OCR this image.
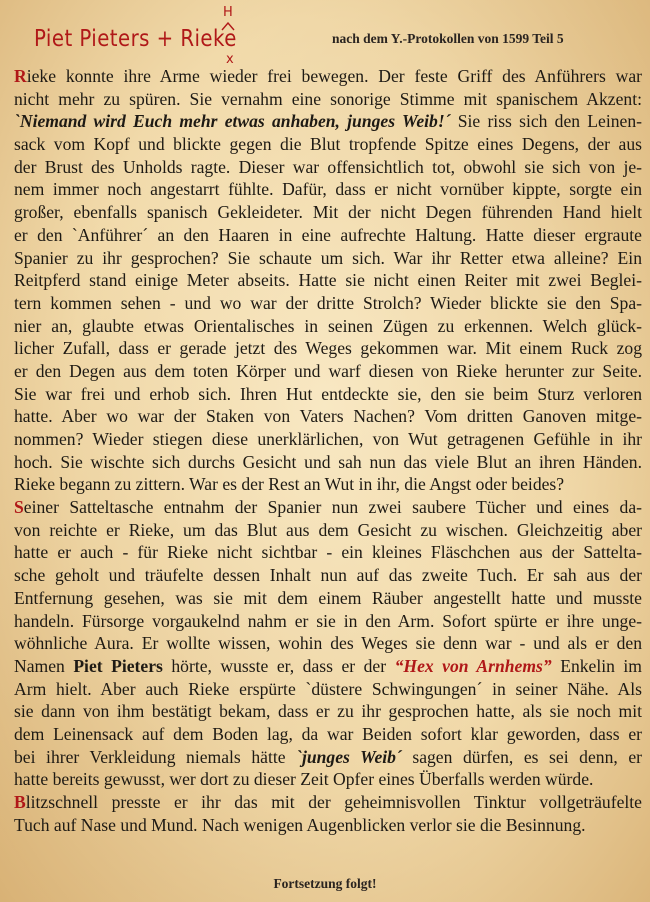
Piet Pieters + Rieke
H
x
nach dem Y.-Protokollen von 1599 Teil 5
Rieke konnte ihre Arme wieder frei bewegen. Der feste Griff des Anführers war
nicht mehr zu spüren. Sie vernahm eine sonorige Stimme mit spanischem Akzent:
`Niemand wird Euch mehr etwas anhaben, junges Weib!´ Sie riss sich den Leinen-
sack vom Kopf und blickte gegen die Blut tropfende Spitze eines Degens, der aus
der Brust des Unholds ragte. Dieser war offensichtlich tot, obwohl sie sich von je-
nem immer noch angestarrt fühlte. Dafür, dass er nicht vornüber kippte, sorgte ein
großer, ebenfalls spanisch Gekleideter. Mit der nicht Degen führenden Hand hielt
er den `Anführer´ an den Haaren in eine aufrechte Haltung. Hatte dieser ergraute
Spanier zu ihr gesprochen? Sie schaute um sich. War ihr Retter etwa alleine? Ein
Reitpferd stand einige Meter abseits. Hatte sie nicht einen Reiter mit zwei Beglei-
tern kommen sehen - und wo war der dritte Strolch? Wieder blickte sie den Spa-
nier an, glaubte etwas Orientalisches in seinen Zügen zu erkennen. Welch glück-
licher Zufall, dass er gerade jetzt des Weges gekommen war. Mit einem Ruck zog
er den Degen aus dem toten Körper und warf diesen von Rieke herunter zur Seite.
Sie war frei und erhob sich. Ihren Hut entdeckte sie, den sie beim Sturz verloren
hatte. Aber wo war der Staken von Vaters Nachen? Vom dritten Ganoven mitge-
nommen? Wieder stiegen diese unerklärlichen, von Wut getragenen Gefühle in ihr
hoch. Sie wischte sich durchs Gesicht und sah nun das viele Blut an ihren Händen.
Rieke begann zu zittern. War es der Rest an Wut in ihr, die Angst oder beides?
Seiner Satteltasche entnahm der Spanier nun zwei saubere Tücher und eines da-
von reichte er Rieke, um das Blut aus dem Gesicht zu wischen. Gleichzeitig aber
hatte er auch - für Rieke nicht sichtbar - ein kleines Fläschchen aus der Sattelta-
sche geholt und träufelte dessen Inhalt nun auf das zweite Tuch. Er sah aus der
Entfernung gesehen, was sie mit dem einem Räuber angestellt hatte und musste
handeln. Fürsorge vorgaukelnd nahm er sie in den Arm. Sofort spürte er ihre unge-
wöhnliche Aura. Er wollte wissen, wohin des Weges sie denn war - und als er den
Namen Piet Pieters hörte, wusste er, dass er der “Hex von Arnhems” Enkelin im
Arm hielt. Aber auch Rieke erspürte `düstere Schwingungen´ in seiner Nähe. Als
sie dann von ihm bestätigt bekam, dass er zu ihr gesprochen hatte, als sie noch mit
dem Leinensack auf dem Boden lag, da war Beiden sofort klar geworden, dass er
bei ihrer Verkleidung niemals hätte `junges Weib´ sagen dürfen, es sei denn, er
hatte bereits gewusst, wer dort zu dieser Zeit Opfer eines Überfalls werden würde.
Blitzschnell presste er ihr das mit der geheimnisvollen Tinktur vollgeträufelte
Tuch auf Nase und Mund. Nach wenigen Augenblicken verlor sie die Besinnung.
Fortsetzung folgt!
